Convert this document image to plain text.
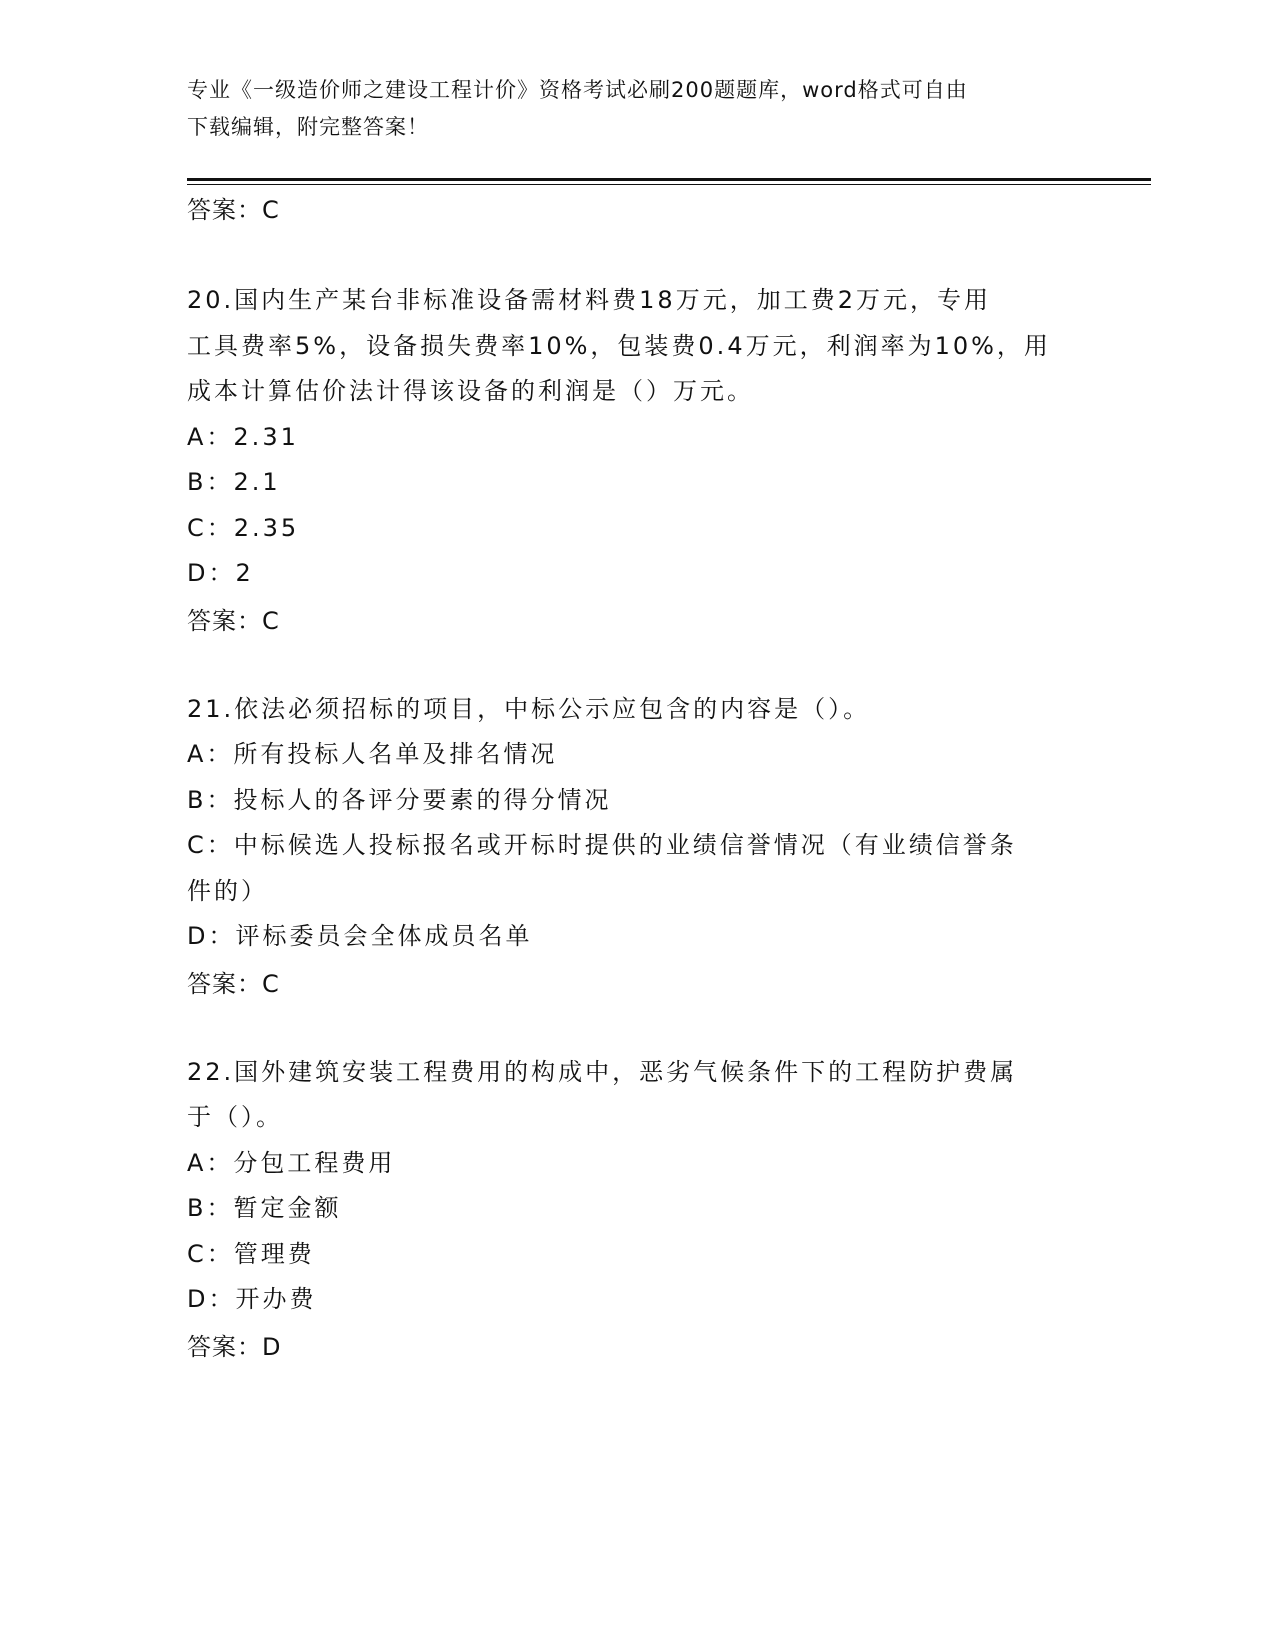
专业《一级造价师之建设工程计价》资格考试必刷200题题库，word格式可自由
下载编辑，附完整答案！
答案：C
20.国内生产某台非标准设备需材料费18万元，加工费2万元，专用
工具费率5%，设备损失费率10%，包装费0.4万元，利润率为10%，用
成本计算估价法计得该设备的利润是（）万元。
A：2.31
B：2.1
C：2.35
D：2
答案：C
21.依法必须招标的项目，中标公示应包含的内容是（）。
A：所有投标人名单及排名情况
B：投标人的各评分要素的得分情况
C：中标候选人投标报名或开标时提供的业绩信誉情况（有业绩信誉条
件的）
D：评标委员会全体成员名单
答案：C
22.国外建筑安装工程费用的构成中，恶劣气候条件下的工程防护费属
于（）。
A：分包工程费用
B：暂定金额
C：管理费
D：开办费
答案：D
